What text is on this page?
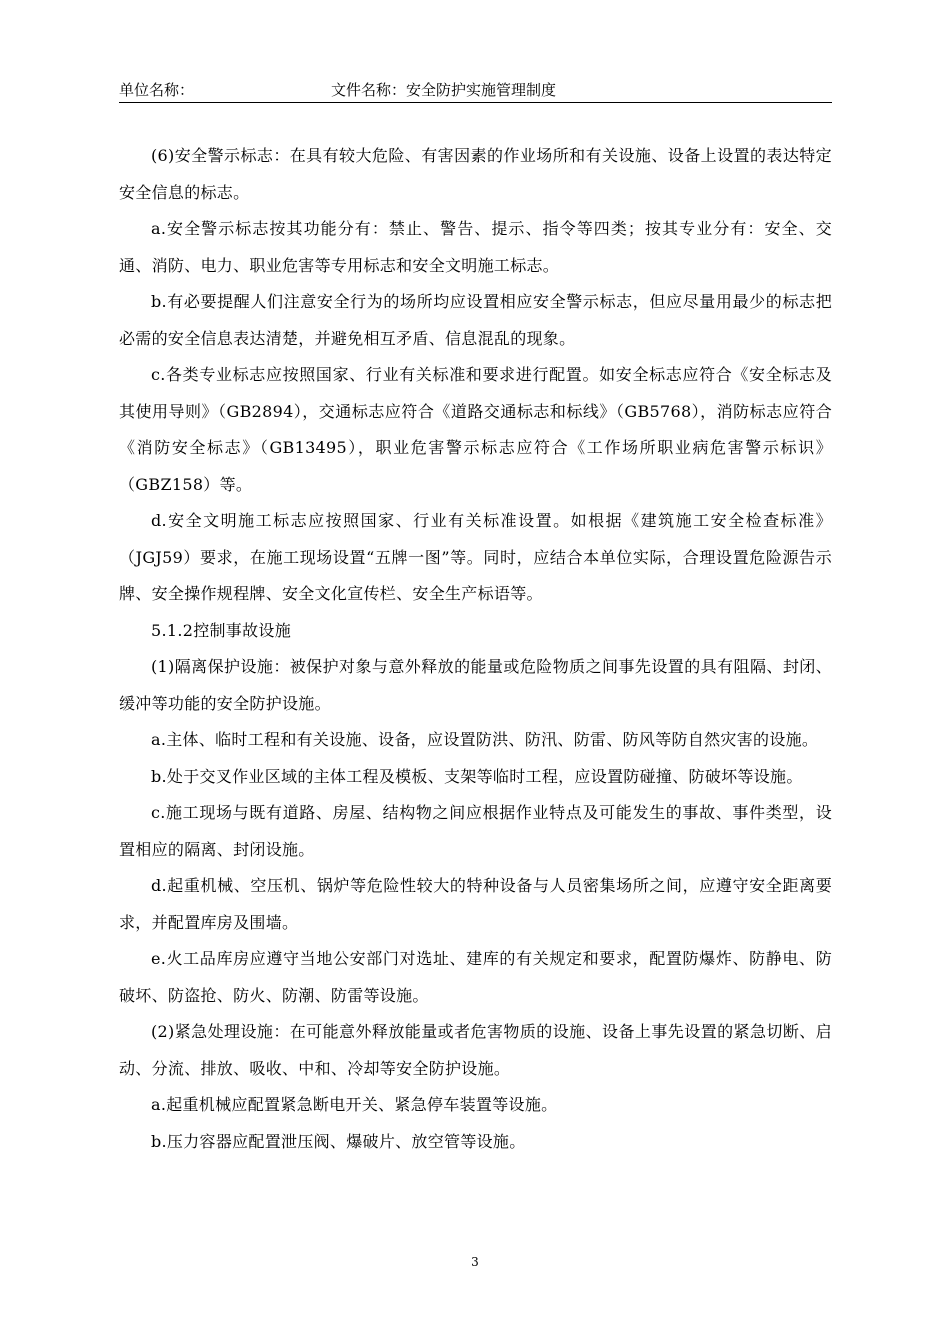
单位名称：	文件名称：安全防护实施管理制度

(6)安全警示标志：在具有较大危险、有害因素的作业场所和有关设施、设备上设置的表达特定安全信息的标志。

a.安全警示标志按其功能分有：禁止、警告、提示、指令等四类；按其专业分有：安全、交通、消防、电力、职业危害等专用标志和安全文明施工标志。

b.有必要提醒人们注意安全行为的场所均应设置相应安全警示标志，但应尽量用最少的标志把必需的安全信息表达清楚，并避免相互矛盾、信息混乱的现象。

c.各类专业标志应按照国家、行业有关标准和要求进行配置。如安全标志应符合《安全标志及其使用导则》（GB2894），交通标志应符合《道路交通标志和标线》（GB5768），消防标志应符合《消防安全标志》（GB13495），职业危害警示标志应符合《工作场所职业病危害警示标识》（GBZ158）等。

d.安全文明施工标志应按照国家、行业有关标准设置。如根据《建筑施工安全检查标准》（JGJ59）要求，在施工现场设置“五牌一图”等。同时，应结合本单位实际，合理设置危险源告示牌、安全操作规程牌、安全文化宣传栏、安全生产标语等。

5.1.2控制事故设施

(1)隔离保护设施：被保护对象与意外释放的能量或危险物质之间事先设置的具有阻隔、封闭、缓冲等功能的安全防护设施。

a.主体、临时工程和有关设施、设备，应设置防洪、防汛、防雷、防风等防自然灾害的设施。

b.处于交叉作业区域的主体工程及模板、支架等临时工程，应设置防碰撞、防破坏等设施。

c.施工现场与既有道路、房屋、结构物之间应根据作业特点及可能发生的事故、事件类型，设置相应的隔离、封闭设施。

d.起重机械、空压机、锅炉等危险性较大的特种设备与人员密集场所之间，应遵守安全距离要求，并配置库房及围墙。

e.火工品库房应遵守当地公安部门对选址、建库的有关规定和要求，配置防爆炸、防静电、防破坏、防盗抢、防火、防潮、防雷等设施。

(2)紧急处理设施：在可能意外释放能量或者危害物质的设施、设备上事先设置的紧急切断、启动、分流、排放、吸收、中和、冷却等安全防护设施。

a.起重机械应配置紧急断电开关、紧急停车装置等设施。

b.压力容器应配置泄压阀、爆破片、放空管等设施。

3
